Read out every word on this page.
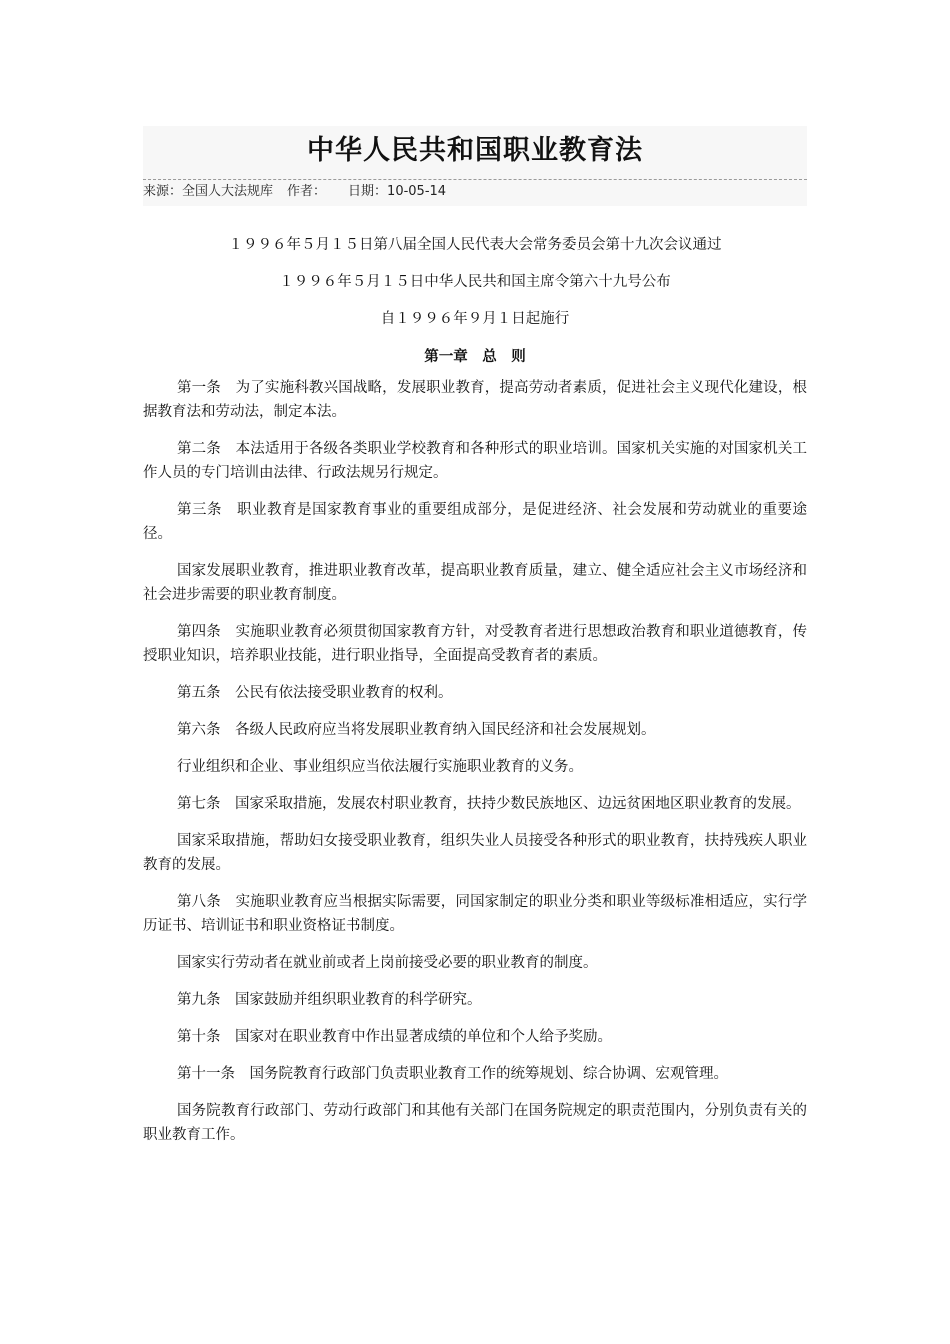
中华人民共和国职业教育法
来源：全国人大法规库 作者： 日期：10-05-14
１９９６年５月１５日第八届全国人民代表大会常务委员会第十九次会议通过
１９９６年５月１５日中华人民共和国主席令第六十九号公布
自１９９６年９月１日起施行
第一章　总　则

第一条　为了实施科教兴国战略，发展职业教育，提高劳动者素质，促进社会主义现代化建设，根据教育法和劳动法，制定本法。

第二条　本法适用于各级各类职业学校教育和各种形式的职业培训。国家机关实施的对国家机关工作人员的专门培训由法律、行政法规另行规定。

第三条　职业教育是国家教育事业的重要组成部分，是促进经济、社会发展和劳动就业的重要途径。

国家发展职业教育，推进职业教育改革，提高职业教育质量，建立、健全适应社会主义市场经济和社会进步需要的职业教育制度。

第四条　实施职业教育必须贯彻国家教育方针，对受教育者进行思想政治教育和职业道德教育，传授职业知识，培养职业技能，进行职业指导，全面提高受教育者的素质。

第五条　公民有依法接受职业教育的权利。

第六条　各级人民政府应当将发展职业教育纳入国民经济和社会发展规划。

行业组织和企业、事业组织应当依法履行实施职业教育的义务。

第七条　国家采取措施，发展农村职业教育，扶持少数民族地区、边远贫困地区职业教育的发展。

国家采取措施，帮助妇女接受职业教育，组织失业人员接受各种形式的职业教育，扶持残疾人职业教育的发展。

第八条　实施职业教育应当根据实际需要，同国家制定的职业分类和职业等级标准相适应，实行学历证书、培训证书和职业资格证书制度。

国家实行劳动者在就业前或者上岗前接受必要的职业教育的制度。

第九条　国家鼓励并组织职业教育的科学研究。

第十条　国家对在职业教育中作出显著成绩的单位和个人给予奖励。

第十一条　国务院教育行政部门负责职业教育工作的统筹规划、综合协调、宏观管理。

国务院教育行政部门、劳动行政部门和其他有关部门在国务院规定的职责范围内，分别负责有关的职业教育工作。
